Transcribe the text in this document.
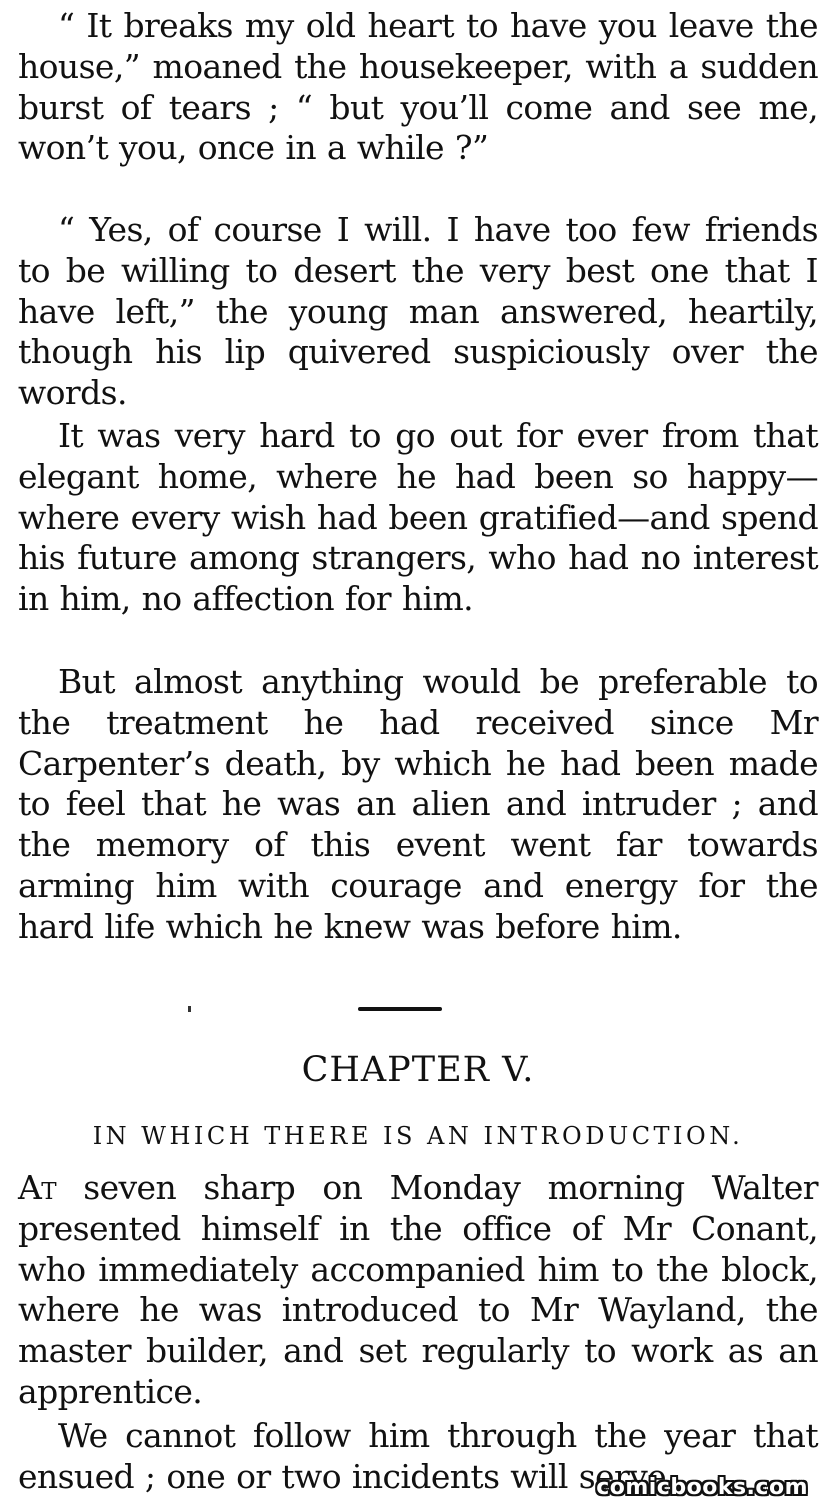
“ It breaks my old heart to have you leave the house,” moaned the housekeeper, with a sudden burst of tears ; “ but you’ll come and see me, won’t you, once in a while ?”

“ Yes, of course I will. I have too few friends to be willing to desert the very best one that I have left,” the young man answered, heartily, though his lip quivered suspiciously over the words.

It was very hard to go out for ever from that elegant home, where he had been so happy—where every wish had been gratified—and spend his future among strangers, who had no interest in him, no affection for him.

But almost anything would be preferable to the treatment he had received since Mr Carpenter’s death, by which he had been made to feel that he was an alien and intruder ; and the memory of this event went far towards arming him with courage and energy for the hard life which he knew was before him.

CHAPTER V.
IN WHICH THERE IS AN INTRODUCTION.

At seven sharp on Monday morning Walter presented himself in the office of Mr Conant, who immediately accompanied him to the block, where he was introduced to Mr Wayland, the master builder, and set regularly to work as an apprentice.

We cannot follow him through the year that ensued ; one or two incidents will serve

comicbooks.com
